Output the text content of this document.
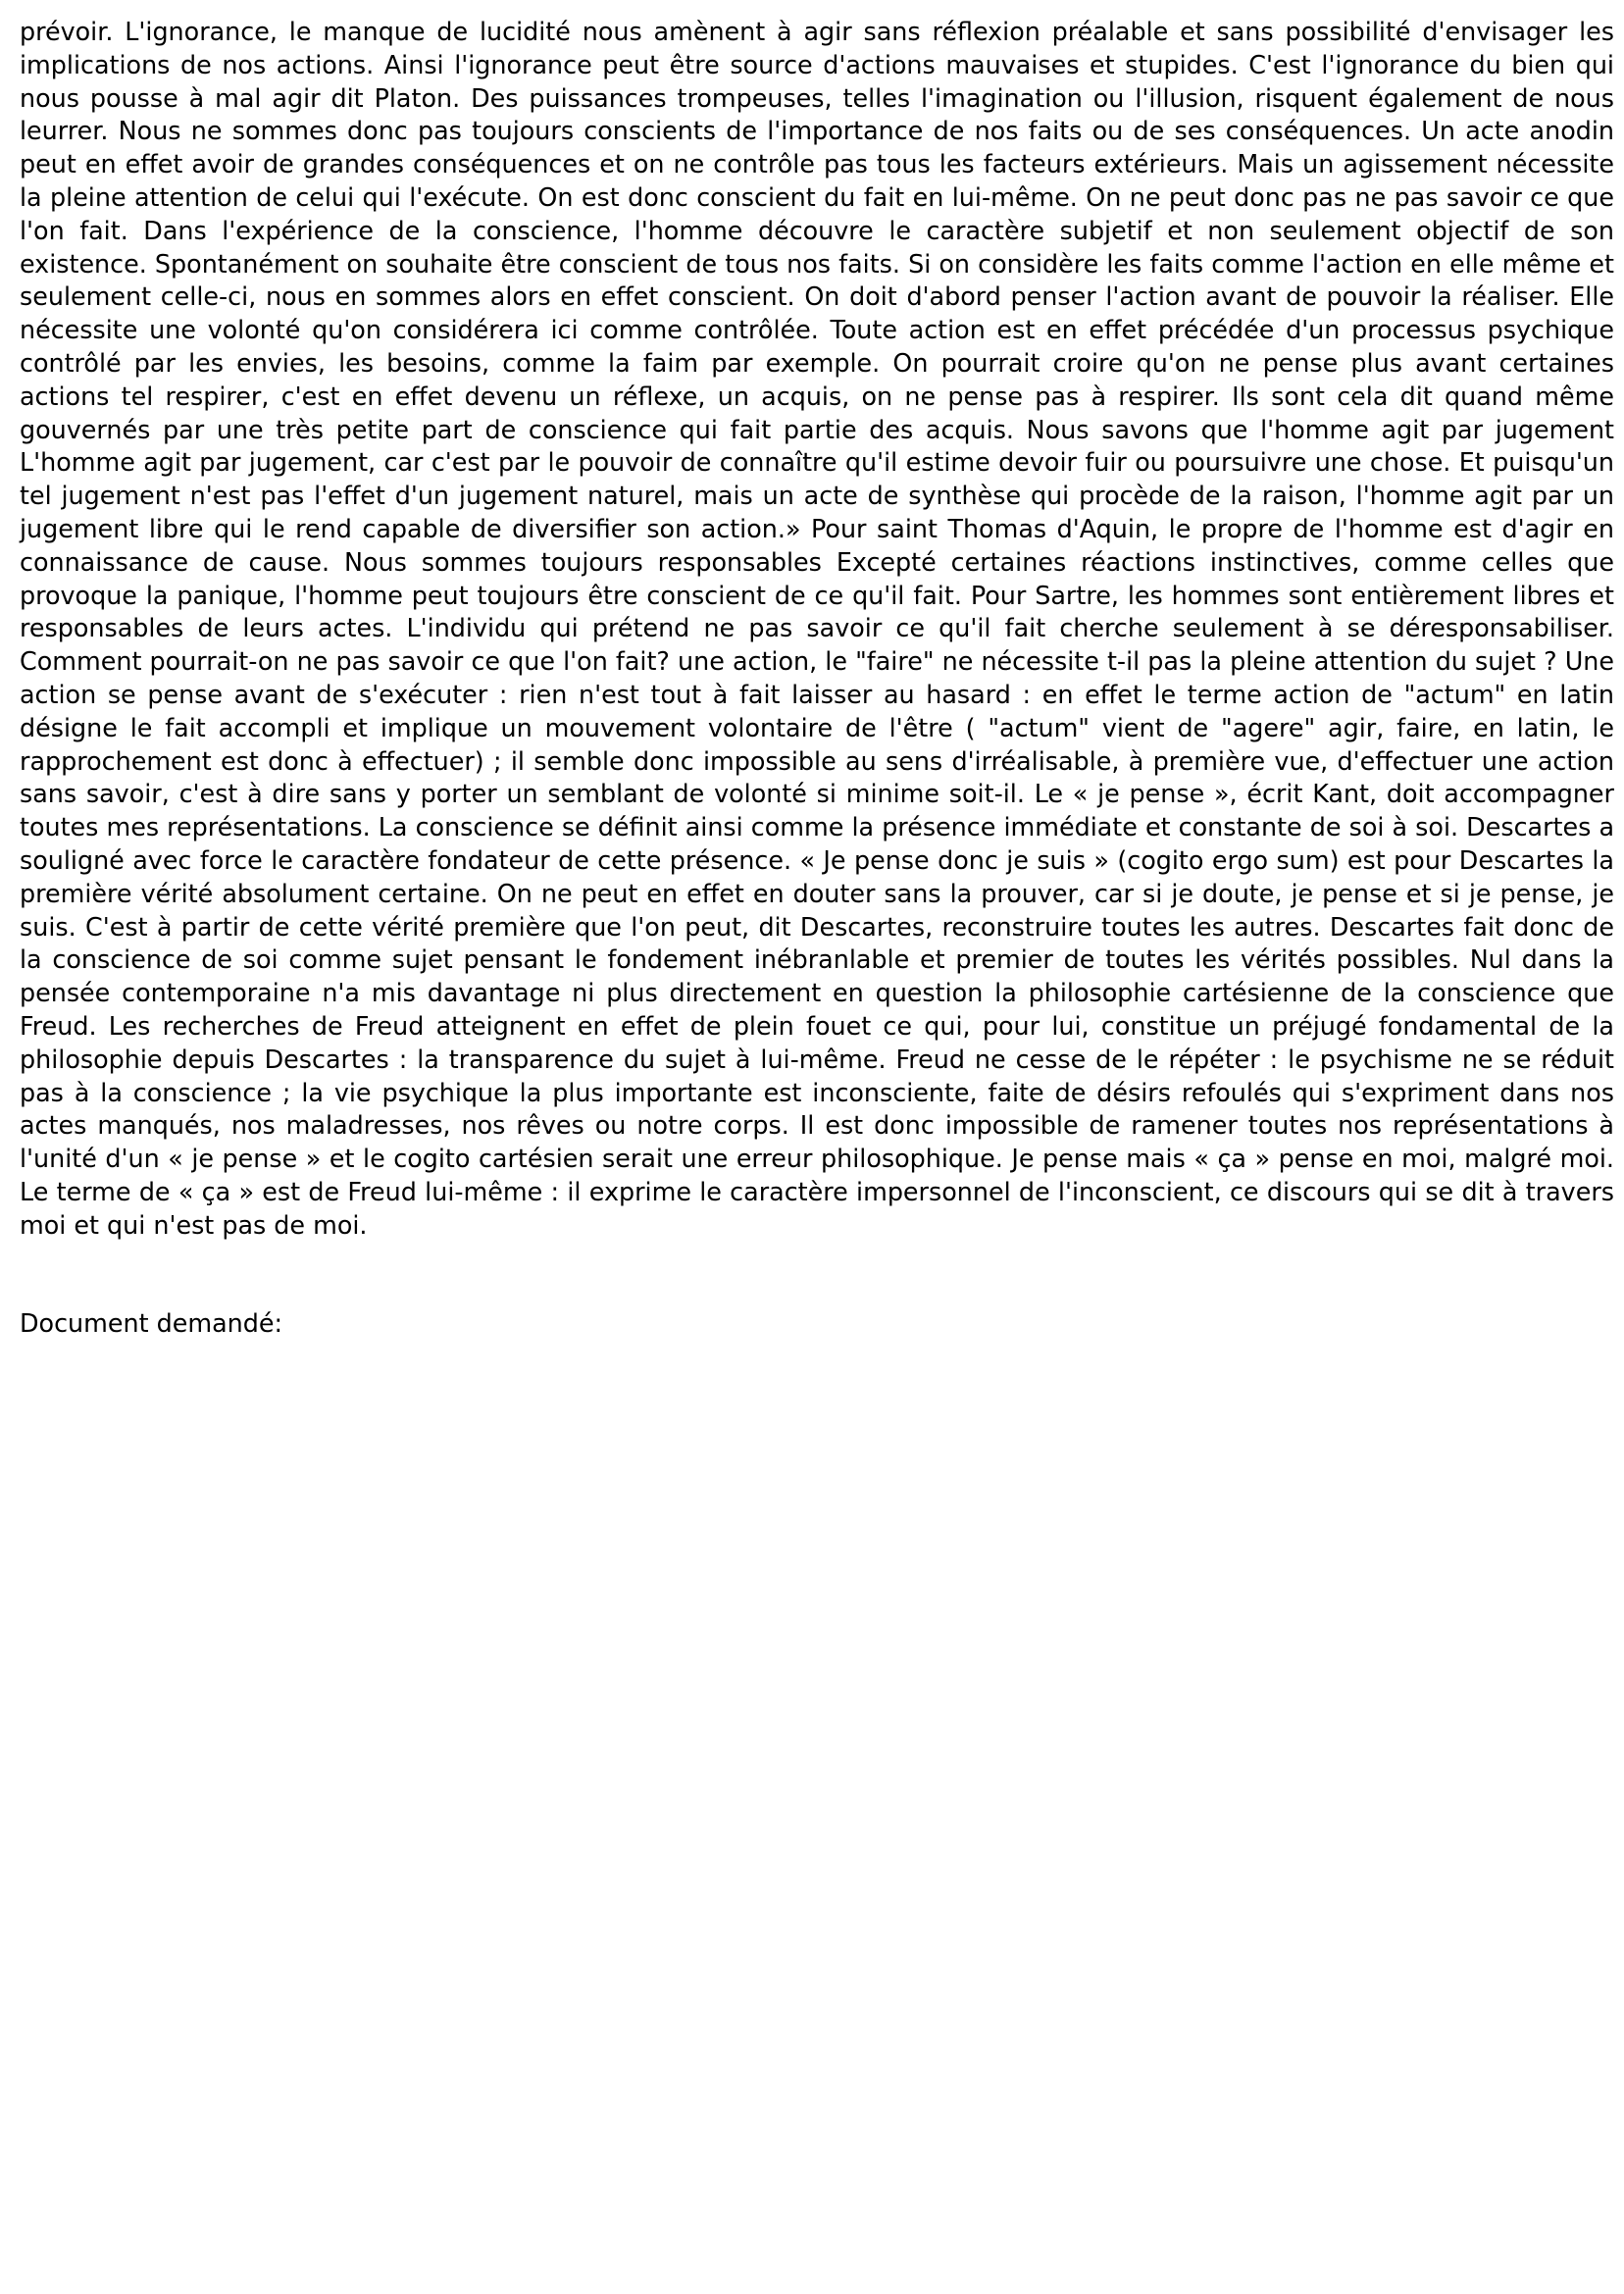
prévoir. L'ignorance, le manque de lucidité nous amènent à agir sans réflexion préalable et sans possibilité d'envisager les implications de nos actions. Ainsi l'ignorance peut être source d'actions mauvaises et stupides. C'est l'ignorance du bien qui nous pousse à mal agir dit Platon. Des puissances trompeuses, telles l'imagination ou l'illusion, risquent également de nous leurrer. Nous ne sommes donc pas toujours conscients de l'importance de nos faits ou de ses conséquences. Un acte anodin peut en effet avoir de grandes conséquences et on ne contrôle pas tous les facteurs extérieurs. Mais un agissement nécessite la pleine attention de celui qui l'exécute. On est donc conscient du fait en lui-même. On ne peut donc pas ne pas savoir ce que l'on fait. Dans l'expérience de la conscience, l'homme découvre le caractère subjetif et non seulement objectif de son existence. Spontanément on souhaite être conscient de tous nos faits. Si on considère les faits comme l'action en elle même et seulement celle-ci, nous en sommes alors en effet conscient. On doit d'abord penser l'action avant de pouvoir la réaliser. Elle nécessite une volonté qu'on considérera ici comme contrôlée. Toute action est en effet précédée d'un processus psychique contrôlé par les envies, les besoins, comme la faim par exemple. On pourrait croire qu'on ne pense plus avant certaines actions tel respirer, c'est en effet devenu un réflexe, un acquis, on ne pense pas à respirer. Ils sont cela dit quand même gouvernés par une très petite part de conscience qui fait partie des acquis. Nous savons que l'homme agit par jugement L'homme agit par jugement, car c'est par le pouvoir de connaître qu'il estime devoir fuir ou poursuivre une chose. Et puisqu'un tel jugement n'est pas l'effet d'un jugement naturel, mais un acte de synthèse qui procède de la raison, l'homme agit par un jugement libre qui le rend capable de diversifier son action.» Pour saint Thomas d'Aquin, le propre de l'homme est d'agir en connaissance de cause. Nous sommes toujours responsables Excepté certaines réactions instinctives, comme celles que provoque la panique, l'homme peut toujours être conscient de ce qu'il fait. Pour Sartre, les hommes sont entièrement libres et responsables de leurs actes. L'individu qui prétend ne pas savoir ce qu'il fait cherche seulement à se déresponsabiliser. Comment pourrait-on ne pas savoir ce que l'on fait? une action, le "faire" ne nécessite t-il pas la pleine attention du sujet ? Une action se pense avant de s'exécuter : rien n'est tout à fait laisser au hasard : en effet le terme action de "actum" en latin désigne le fait accompli et implique un mouvement volontaire de l'être ( "actum" vient de "agere" agir, faire, en latin, le rapprochement est donc à effectuer) ; il semble donc impossible au sens d'irréalisable, à première vue, d'effectuer une action sans savoir, c'est à dire sans y porter un semblant de volonté si minime soit-il. Le « je pense », écrit Kant, doit accompagner toutes mes représentations. La conscience se définit ainsi comme la présence immédiate et constante de soi à soi. Descartes a souligné avec force le caractère fondateur de cette présence. « Je pense donc je suis » (cogito ergo sum) est pour Descartes la première vérité absolument certaine. On ne peut en effet en douter sans la prouver, car si je doute, je pense et si je pense, je suis. C'est à partir de cette vérité première que l'on peut, dit Descartes, reconstruire toutes les autres. Descartes fait donc de la conscience de soi comme sujet pensant le fondement inébranlable et premier de toutes les vérités possibles. Nul dans la pensée contemporaine n'a mis davantage ni plus directement en question la philosophie cartésienne de la conscience que Freud. Les recherches de Freud atteignent en effet de plein fouet ce qui, pour lui, constitue un préjugé fondamental de la philosophie depuis Descartes : la transparence du sujet à lui-même. Freud ne cesse de le répéter : le psychisme ne se réduit pas à la conscience ; la vie psychique la plus importante est inconsciente, faite de désirs refoulés qui s'expriment dans nos actes manqués, nos maladresses, nos rêves ou notre corps. Il est donc impossible de ramener toutes nos représentations à l'unité d'un « je pense » et le cogito cartésien serait une erreur philosophique. Je pense mais « ça » pense en moi, malgré moi. Le terme de « ça » est de Freud lui-même : il exprime le caractère impersonnel de l'inconscient, ce discours qui se dit à travers moi et qui n'est pas de moi.

Document demandé:
